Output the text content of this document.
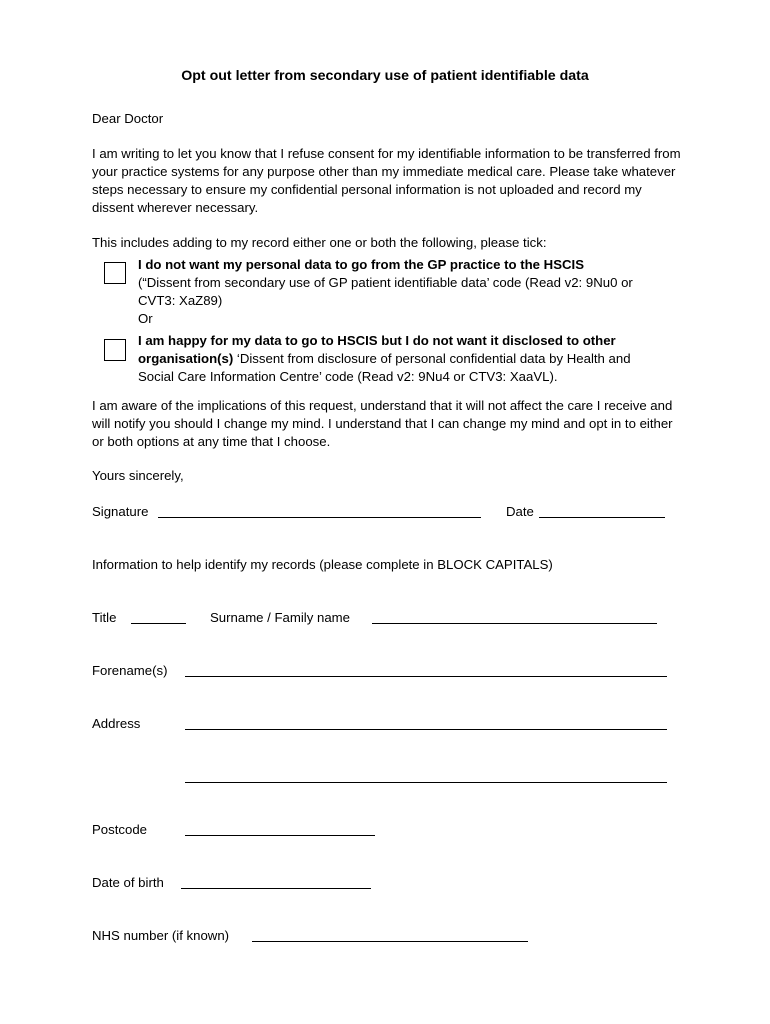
Opt out letter from secondary use of patient identifiable data
Dear Doctor
I am writing to let you know that I refuse consent for my identifiable information to be transferred from your practice systems for any purpose other than my immediate medical care. Please take whatever steps necessary to ensure my confidential personal information is not uploaded and record my dissent wherever necessary.
This includes adding to my record either one or both the following, please tick:
I do not want my personal data to go from the GP practice to the HSCIS
(“Dissent from secondary use of GP patient identifiable data’ code (Read v2: 9Nu0 or
CVT3: XaZ89)
Or
I am happy for my data to go to HSCIS but I do not want it disclosed to other
organisation(s) ‘Dissent from disclosure of personal confidential data by Health and
Social Care Information Centre’ code (Read v2: 9Nu4 or CTV3: XaaVL).
I am aware of the implications of this request, understand that it will not affect the care I receive and will notify you should I change my mind. I understand that I can change my mind and opt in to either or both options at any time that I choose.
Yours sincerely,
Signature	Date
Information to help identify my records (please complete in BLOCK CAPITALS)
Title	Surname / Family name
Forename(s)
Address
Postcode
Date of birth
NHS number (if known)
